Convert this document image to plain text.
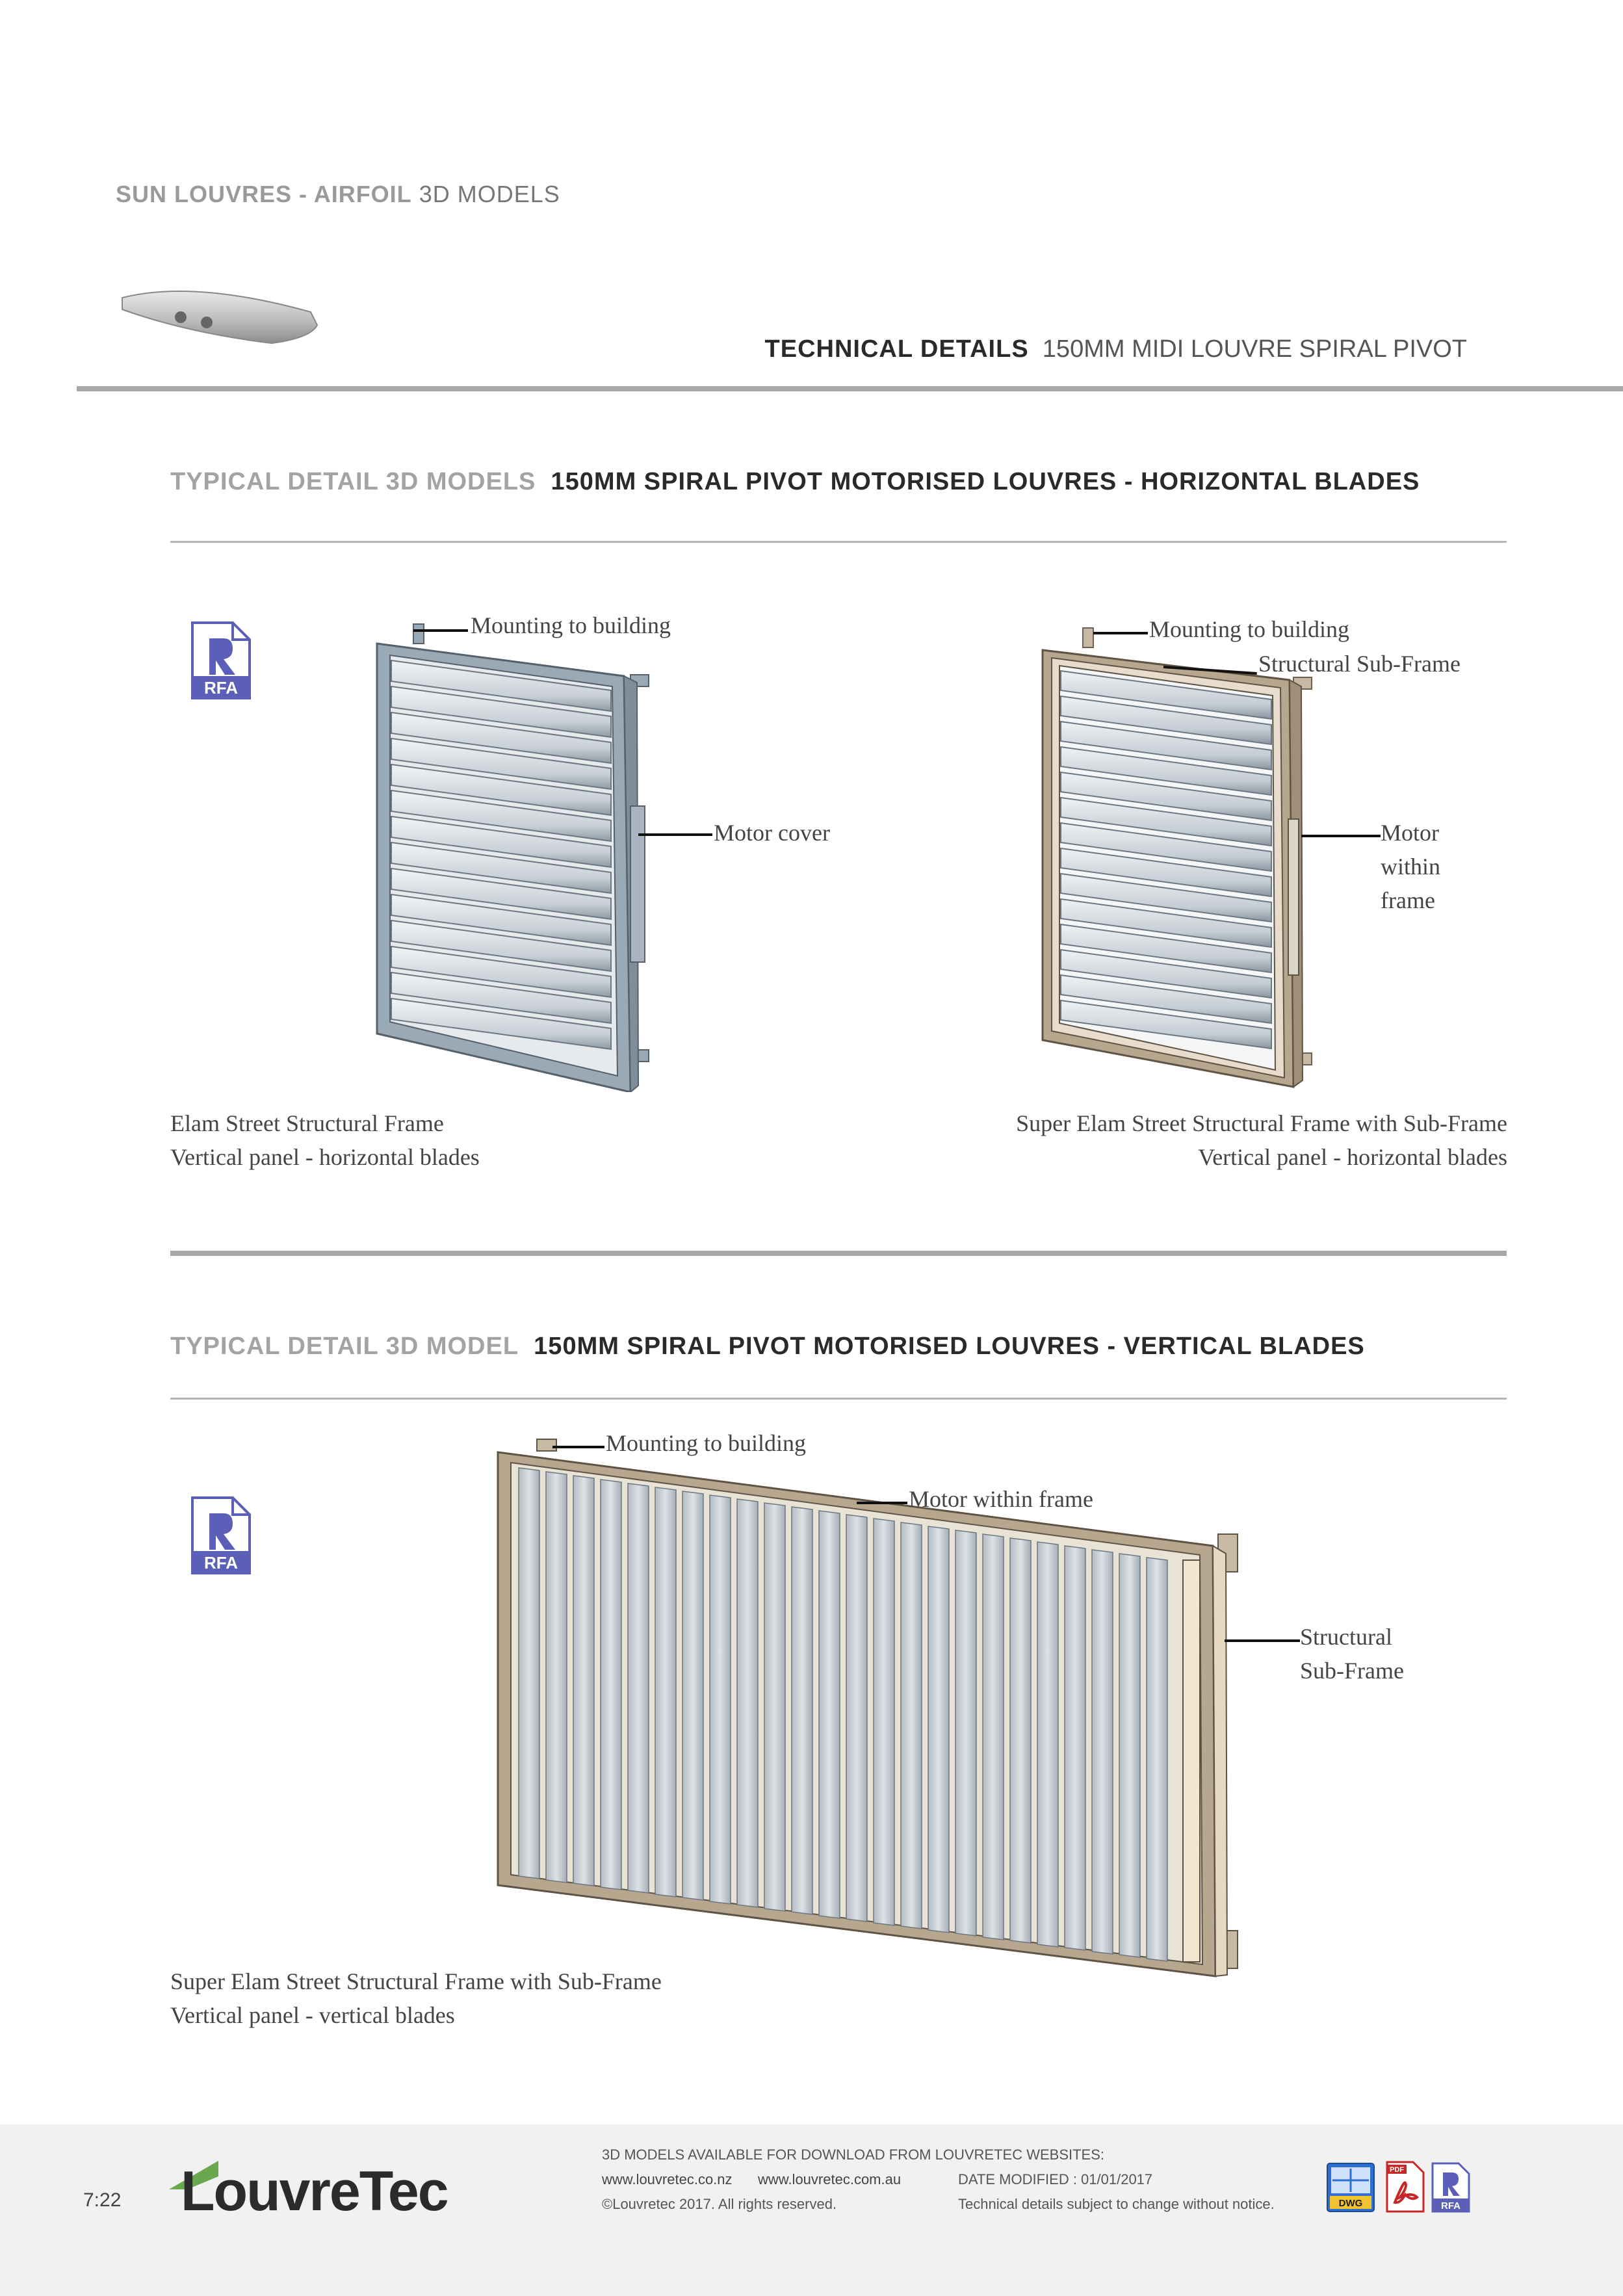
SUN LOUVRES - AIRFOIL 3D MODELS
TECHNICAL DETAILS 150MM MIDI LOUVRE SPIRAL PIVOT
TYPICAL DETAIL 3D MODELS 150MM SPIRAL PIVOT MOTORISED LOUVRES - HORIZONTAL BLADES
RFA
Mounting to building
Motor cover
Elam Street Structural Frame
Vertical panel - horizontal blades
Mounting to building
Structural Sub-Frame
Motor
within
frame
Super Elam Street Structural Frame with Sub-Frame
Vertical panel - horizontal blades
TYPICAL DETAIL 3D MODEL 150MM SPIRAL PIVOT MOTORISED LOUVRES - VERTICAL BLADES
RFA
Mounting to building
Motor within frame
Structural
Sub-Frame
Super Elam Street Structural Frame with Sub-Frame
Vertical panel - vertical blades
7:22 LouvreTec
3D MODELS AVAILABLE FOR DOWNLOAD FROM LOUVRETEC WEBSITES:
www.louvretec.co.nz www.louvretec.com.au	DATE MODIFIED : 01/01/2017
©Louvretec 2017. All rights reserved.	Technical details subject to change without notice.	DWG
PDF
RFA
